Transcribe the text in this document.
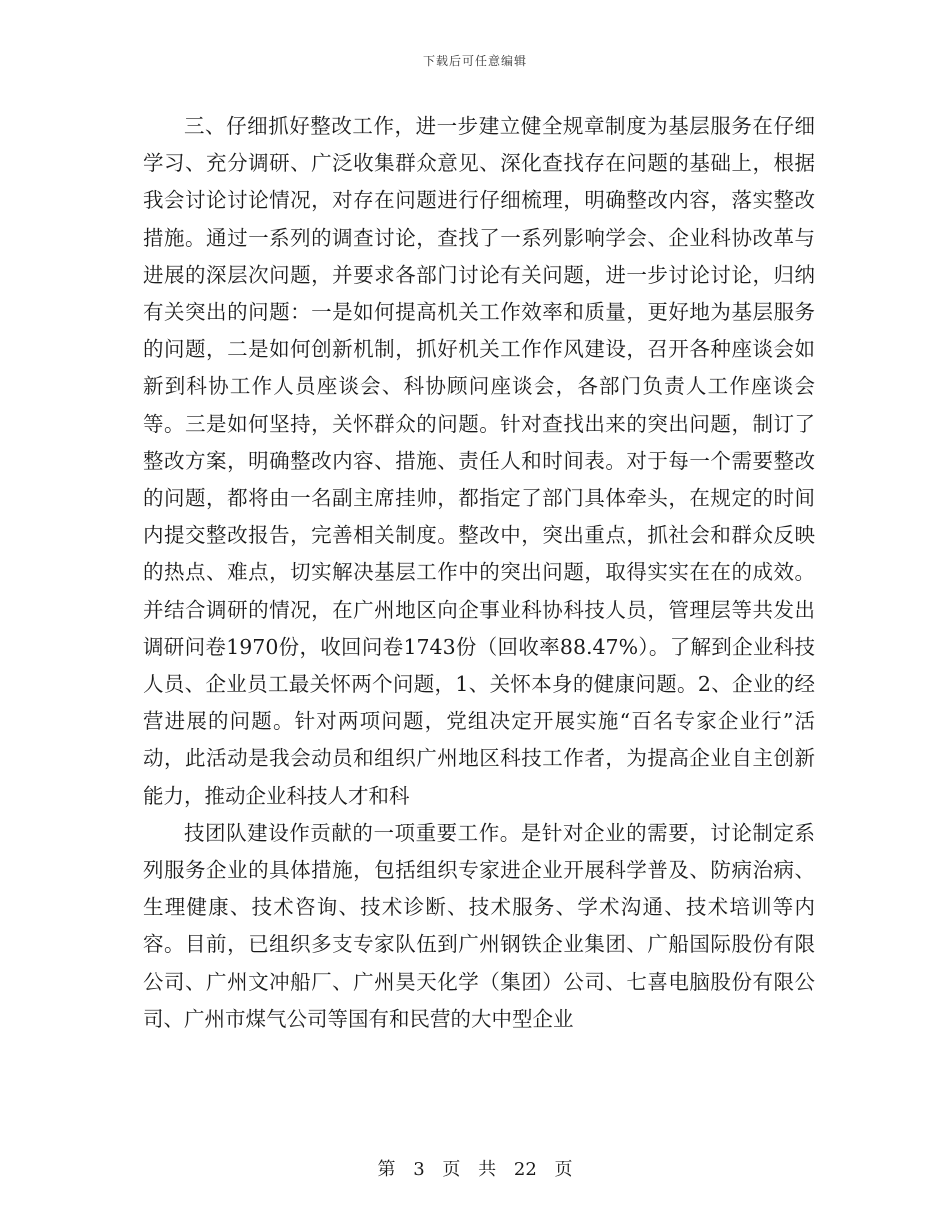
下载后可任意编辑

三、仔细抓好整改工作，进一步建立健全规章制度为基层服务在仔细学习、充分调研、广泛收集群众意见、深化查找存在问题的基础上，根据我会讨论讨论情况，对存在问题进行仔细梳理，明确整改内容，落实整改措施。通过一系列的调查讨论，查找了一系列影响学会、企业科协改革与进展的深层次问题，并要求各部门讨论有关问题，进一步讨论讨论，归纳有关突出的问题：一是如何提高机关工作效率和质量，更好地为基层服务的问题，二是如何创新机制，抓好机关工作作风建设，召开各种座谈会如新到科协工作人员座谈会、科协顾问座谈会，各部门负责人工作座谈会等。三是如何坚持，关怀群众的问题。针对查找出来的突出问题，制订了整改方案，明确整改内容、措施、责任人和时间表。对于每一个需要整改的问题，都将由一名副主席挂帅，都指定了部门具体牵头，在规定的时间内提交整改报告，完善相关制度。整改中，突出重点，抓社会和群众反映的热点、难点，切实解决基层工作中的突出问题，取得实实在在的成效。并结合调研的情况，在广州地区向企事业科协科技人员，管理层等共发出调研问卷1970份，收回问卷1743份（回收率88.47%）。了解到企业科技人员、企业员工最关怀两个问题，1、关怀本身的健康问题。2、企业的经营进展的问题。针对两项问题，党组决定开展实施“百名专家企业行”活动，此活动是我会动员和组织广州地区科技工作者，为提高企业自主创新能力，推动企业科技人才和科

技团队建设作贡献的一项重要工作。是针对企业的需要，讨论制定系列服务企业的具体措施，包括组织专家进企业开展科学普及、防病治病、生理健康、技术咨询、技术诊断、技术服务、学术沟通、技术培训等内容。目前，已组织多支专家队伍到广州钢铁企业集团、广船国际股份有限公司、广州文冲船厂、广州昊天化学（集团）公司、七喜电脑股份有限公司、广州市煤气公司等国有和民营的大中型企业

第 3 页 共 22 页
